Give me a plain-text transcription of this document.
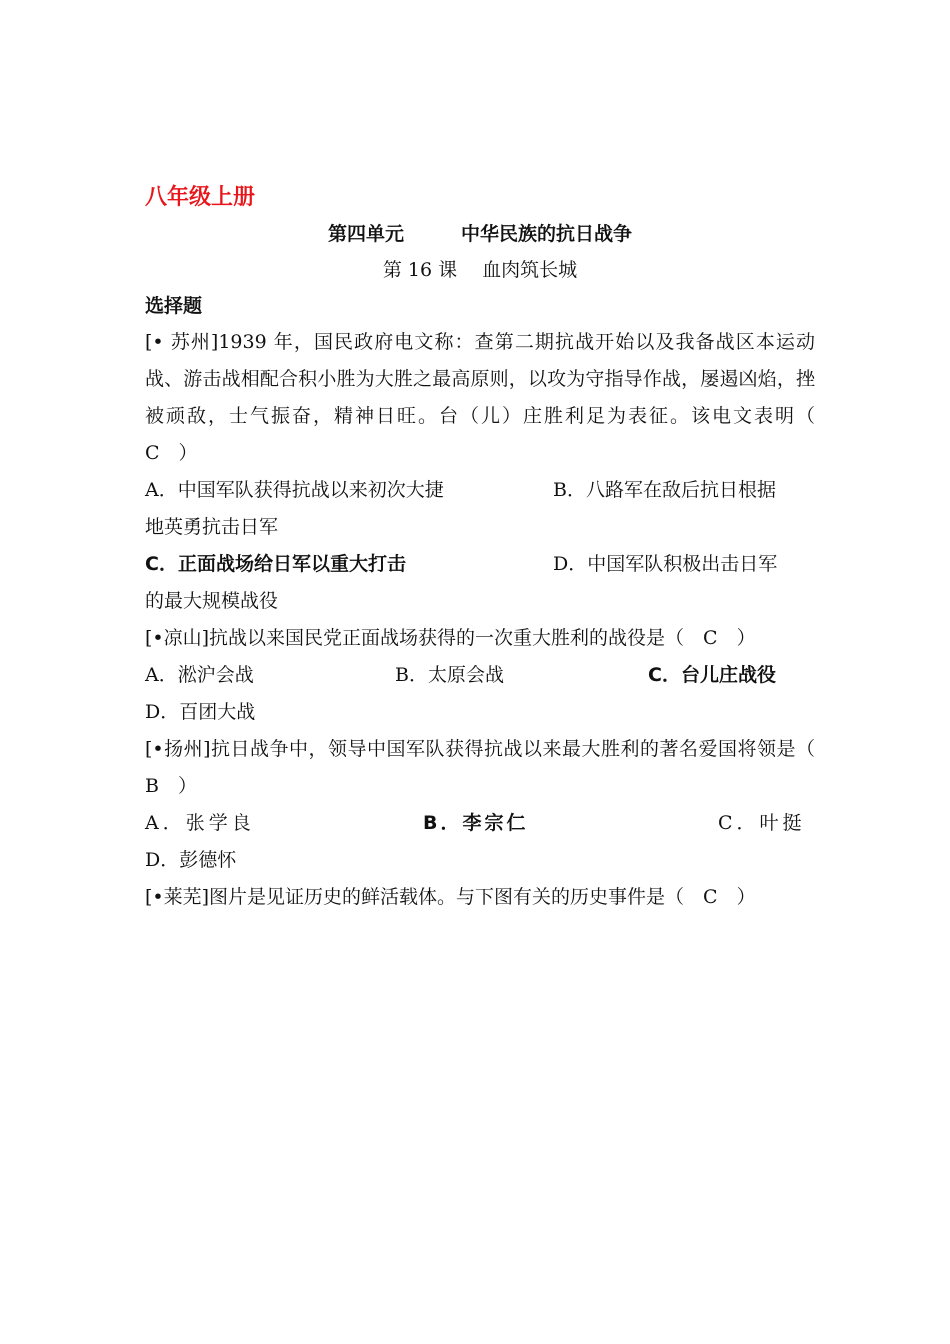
八年级上册
第四单元　　　中华民族的抗日战争
第 16 课　 血肉筑长城
选择题
[• 苏州]1939 年，国民政府电文称：查第二期抗战开始以及我备战区本运动战、游击战相配合积小胜为大胜之最高原则，以攻为守指导作战，屡遏凶焰，挫被顽敌，士气振奋，精神日旺。台（儿）庄胜利足为表征。该电文表明（　C　）
A．中国军队获得抗战以来初次大捷	B．八路军在敌后抗日根据
地英勇抗击日军
C．正面战场给日军以重大打击	D．中国军队积极出击日军
的最大规模战役
[•凉山]抗战以来国民党正面战场获得的一次重大胜利的战役是（　C　）
A．淞沪会战	B．太原会战	C．台儿庄战役
D．百团大战
[•扬州]抗日战争中，领导中国军队获得抗战以来最大胜利的著名爱国将领是（　B　）
A．张学良	B．李宗仁	C．叶挺
D．彭德怀
[•莱芜]图片是见证历史的鲜活载体。与下图有关的历史事件是（　C　）
